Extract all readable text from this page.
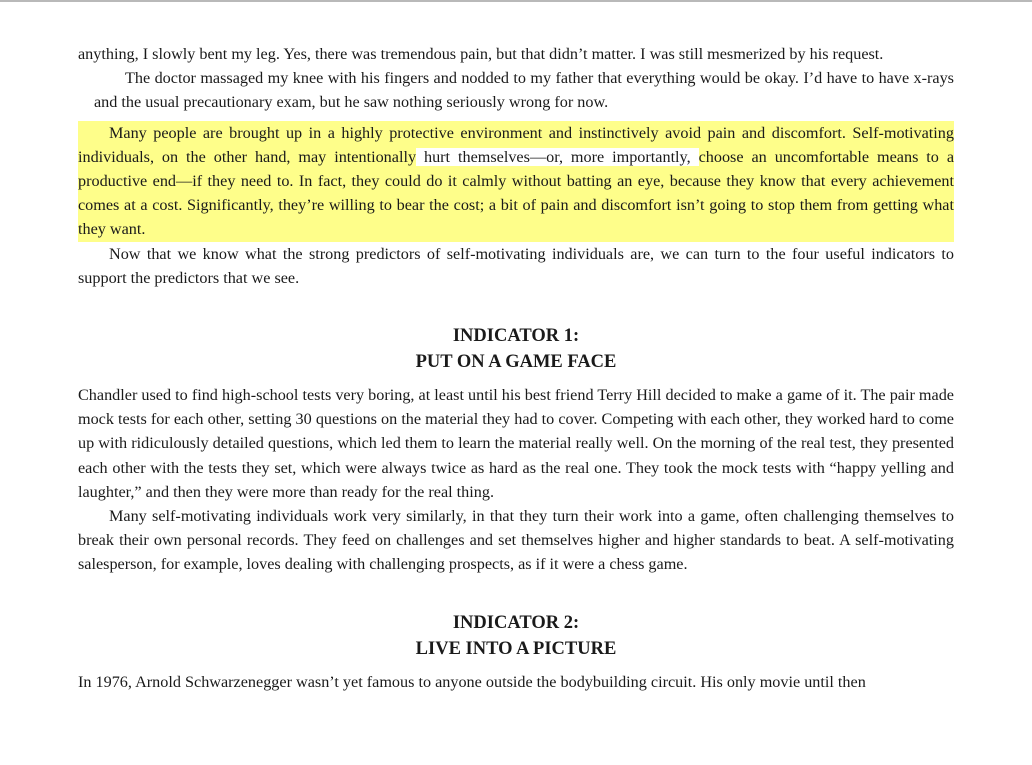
anything, I slowly bent my leg. Yes, there was tremendous pain, but that didn’t matter. I was still mesmerized by his request.

The doctor massaged my knee with his fingers and nodded to my father that everything would be okay. I’d have to have x-rays and the usual precautionary exam, but he saw nothing seriously wrong for now.

Many people are brought up in a highly protective environment and instinctively avoid pain and discomfort. Self-motivating individuals, on the other hand, may intentionally hurt themselves—or, more importantly, choose an uncomfortable means to a productive end—if they need to. In fact, they could do it calmly without batting an eye, because they know that every achievement comes at a cost. Significantly, they’re willing to bear the cost; a bit of pain and discomfort isn’t going to stop them from getting what they want.

Now that we know what the strong predictors of self-motivating individuals are, we can turn to the four useful indicators to support the predictors that we see.

INDICATOR 1:

PUT ON A GAME FACE

Chandler used to find high-school tests very boring, at least until his best friend Terry Hill decided to make a game of it. The pair made mock tests for each other, setting 30 questions on the material they had to cover. Competing with each other, they worked hard to come up with ridiculously detailed questions, which led them to learn the material really well. On the morning of the real test, they presented each other with the tests they set, which were always twice as hard as the real one. They took the mock tests with “happy yelling and laughter,” and then they were more than ready for the real thing.

Many self-motivating individuals work very similarly, in that they turn their work into a game, often challenging themselves to break their own personal records. They feed on challenges and set themselves higher and higher standards to beat. A self-motivating salesperson, for example, loves dealing with challenging prospects, as if it were a chess game.

INDICATOR 2:

LIVE INTO A PICTURE

In 1976, Arnold Schwarzenegger wasn’t yet famous to anyone outside the bodybuilding circuit. His only movie until then
